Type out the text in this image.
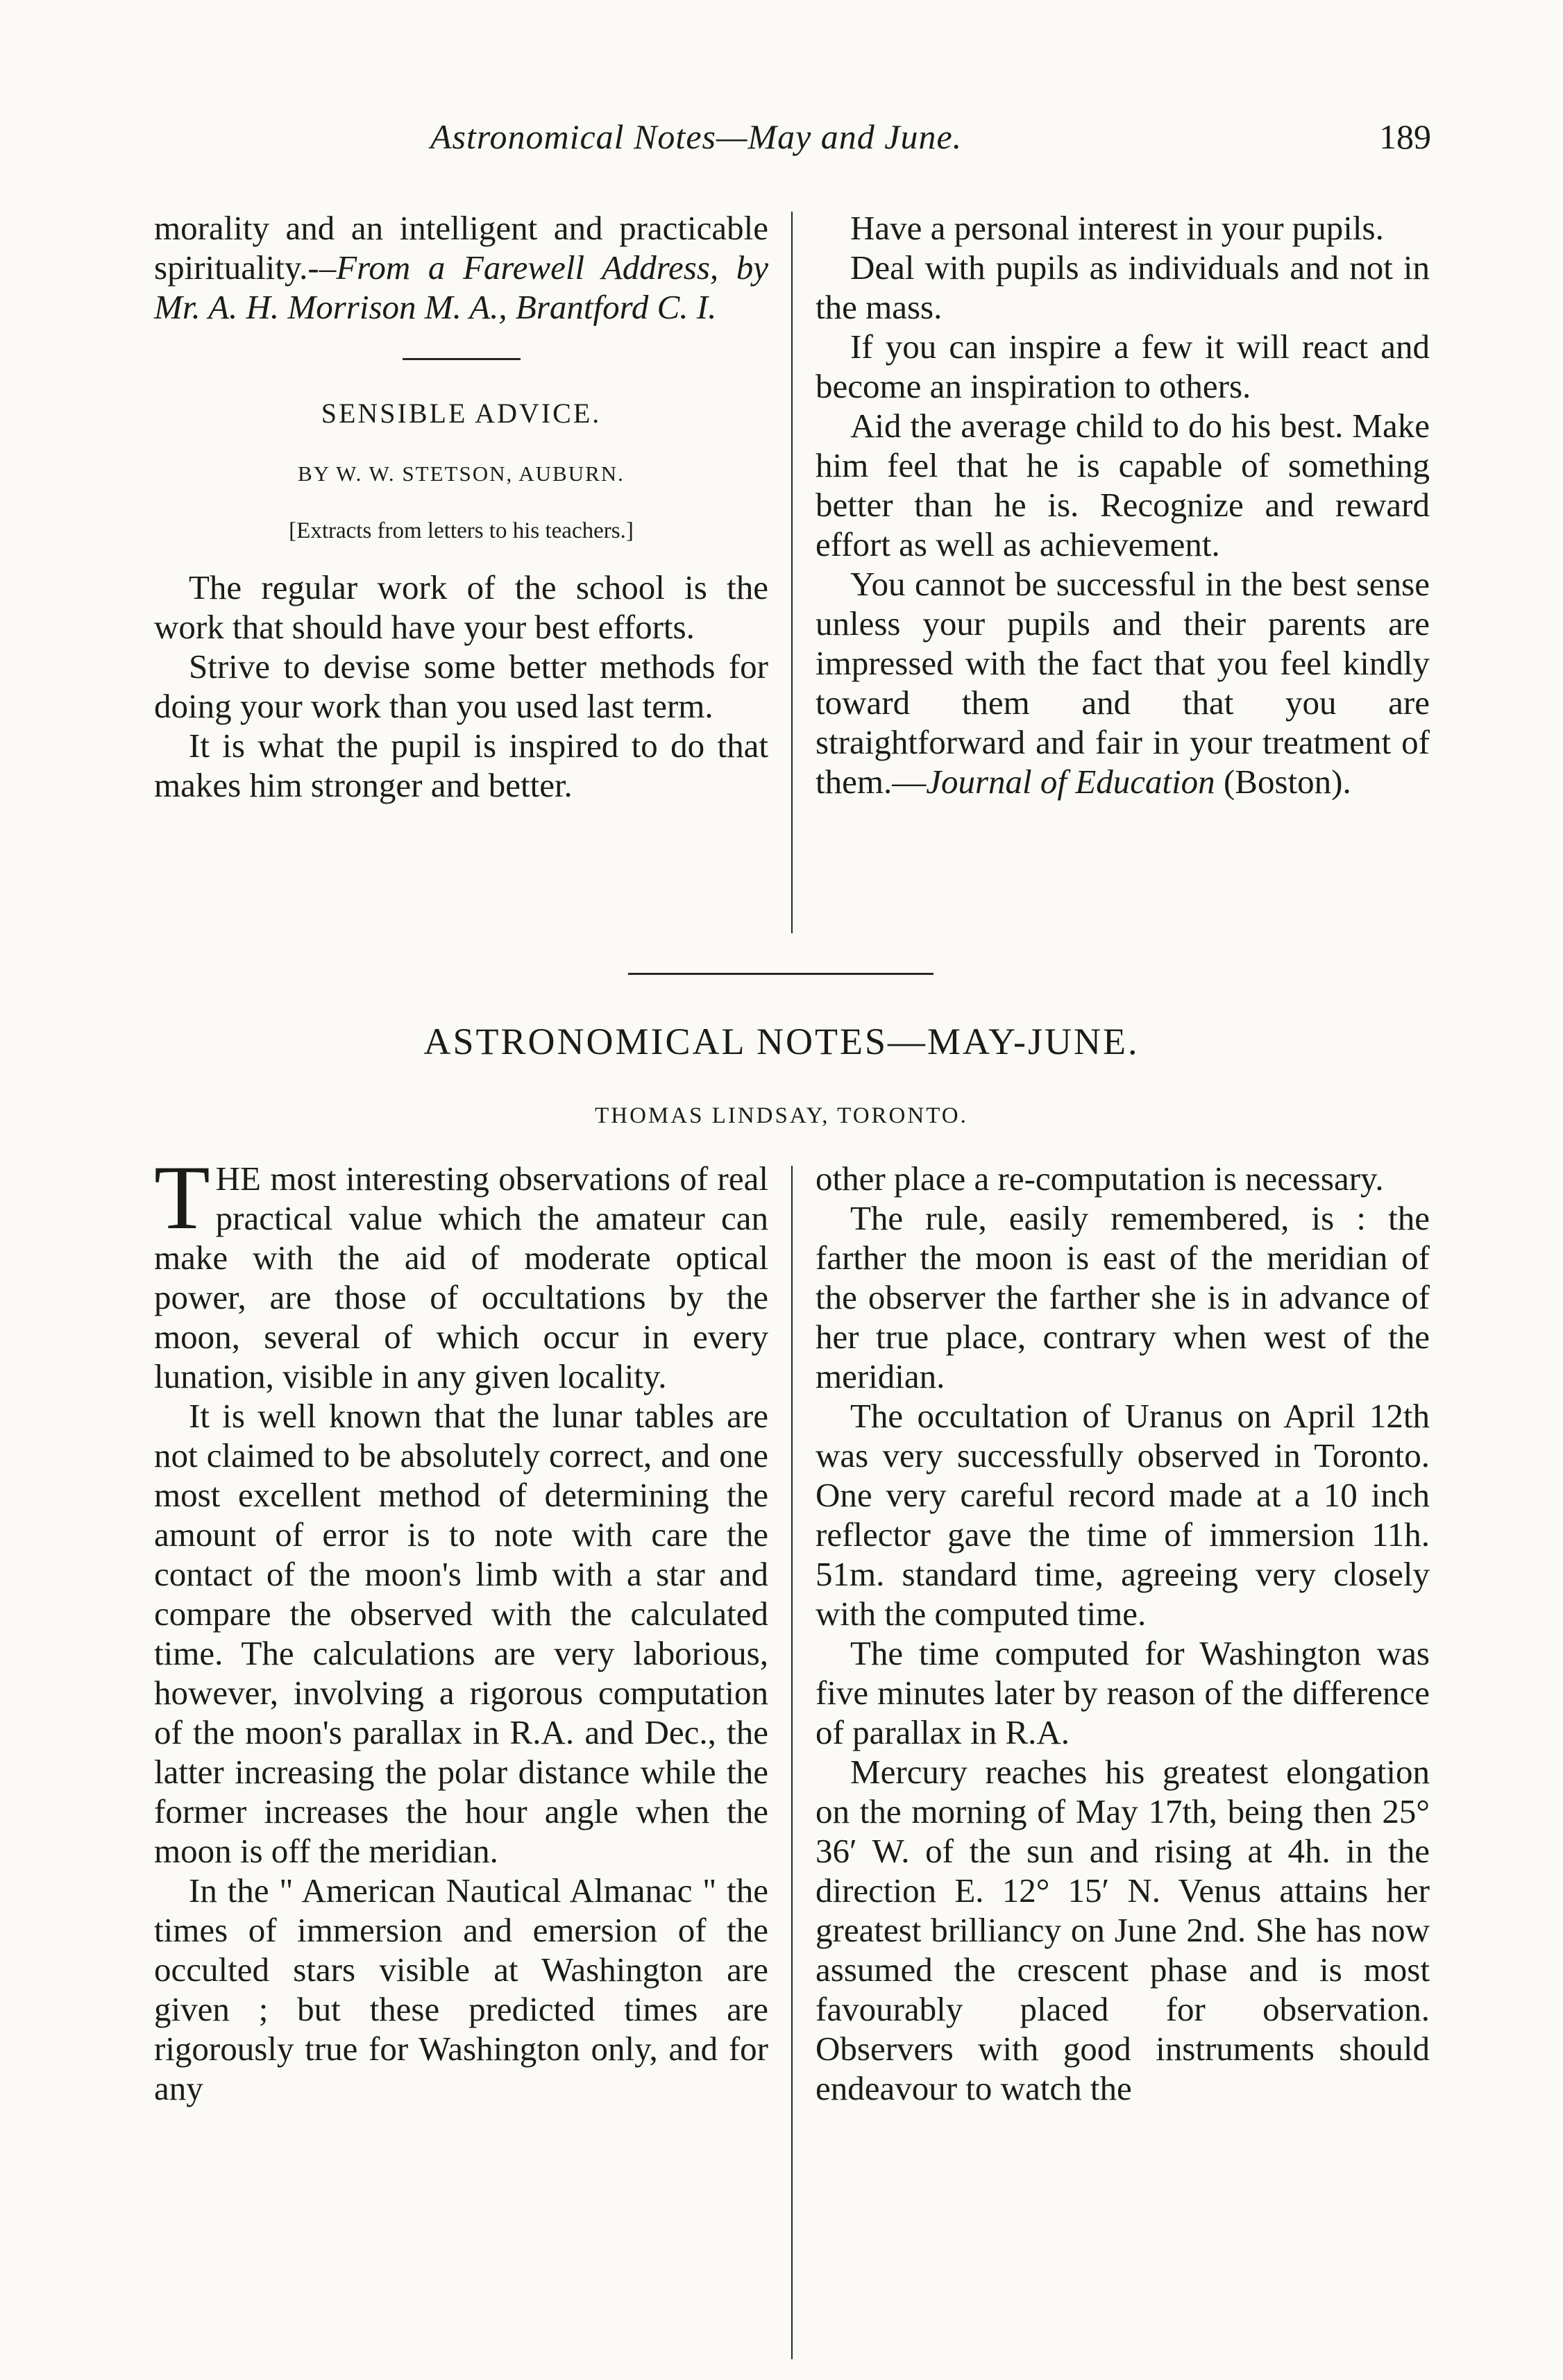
Astronomical Notes—May and June.	189

morality and an intelligent and practicable spirituality.-–From a Farewell Address, by Mr. A. H. Morrison M. A., Brantford C. I.

SENSIBLE ADVICE.
BY W. W. STETSON, AUBURN.
[Extracts from letters to his teachers.]

The regular work of the school is the work that should have your best efforts.

Strive to devise some better methods for doing your work than you used last term.

It is what the pupil is inspired to do that makes him stronger and better.

Have a personal interest in your pupils.

Deal with pupils as individuals and not in the mass.

If you can inspire a few it will react and become an inspiration to others.

Aid the average child to do his best. Make him feel that he is capable of something better than he is. Recognize and reward effort as well as achievement.

You cannot be successful in the best sense unless your pupils and their parents are impressed with the fact that you feel kindly toward them and that you are straightforward and fair in your treatment of them.—Journal of Education (Boston).

ASTRONOMICAL NOTES—MAY-JUNE.
THOMAS LINDSAY, TORONTO.

THE most interesting observations of real practical value which the amateur can make with the aid of moderate optical power, are those of occultations by the moon, several of which occur in every lunation, visible in any given locality.

It is well known that the lunar tables are not claimed to be absolutely correct, and one most excellent method of determining the amount of error is to note with care the contact of the moon's limb with a star and compare the observed with the calculated time. The calculations are very laborious, however, involving a rigorous computation of the moon's parallax in R.A. and Dec., the latter increasing the polar distance while the former increases the hour angle when the moon is off the meridian.

In the " American Nautical Almanac " the times of immersion and emersion of the occulted stars visible at Washington are given ; but these predicted times are rigorously true for Washington only, and for any

other place a re-computation is necessary.

The rule, easily remembered, is : the farther the moon is east of the meridian of the observer the farther she is in advance of her true place, contrary when west of the meridian.

The occultation of Uranus on April 12th was very successfully observed in Toronto. One very careful record made at a 10 inch reflector gave the time of immersion 11h. 51m. standard time, agreeing very closely with the computed time.

The time computed for Washington was five minutes later by reason of the difference of parallax in R.A.

Mercury reaches his greatest elongation on the morning of May 17th, being then 25° 36′ W. of the sun and rising at 4h. in the direction E. 12° 15′ N. Venus attains her greatest brilliancy on June 2nd. She has now assumed the crescent phase and is most favourably placed for observation. Observers with good instruments should endeavour to watch the
